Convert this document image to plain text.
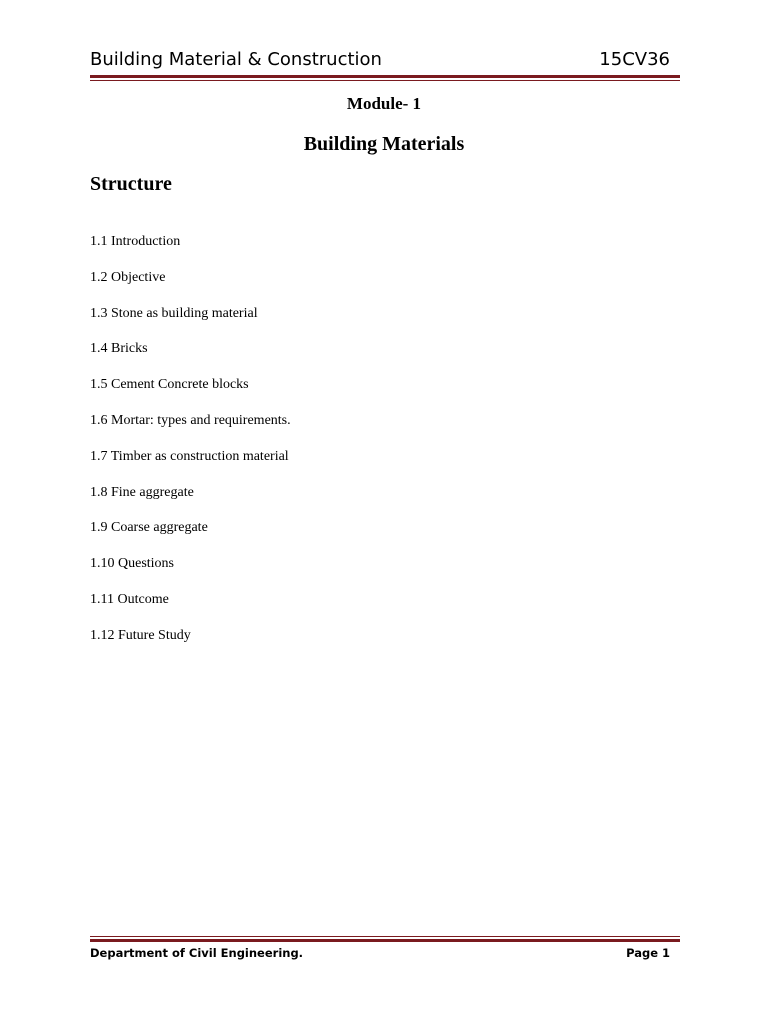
Building Material & Construction	15CV36
Module- 1
Building Materials
Structure
1.1 Introduction
1.2 Objective
1.3 Stone as building material
1.4 Bricks
1.5 Cement Concrete blocks
1.6 Mortar: types and requirements.
1.7 Timber as construction material
1.8 Fine aggregate
1.9 Coarse aggregate
1.10 Questions
1.11 Outcome
1.12 Future Study
Department of Civil Engineering.	Page 1
